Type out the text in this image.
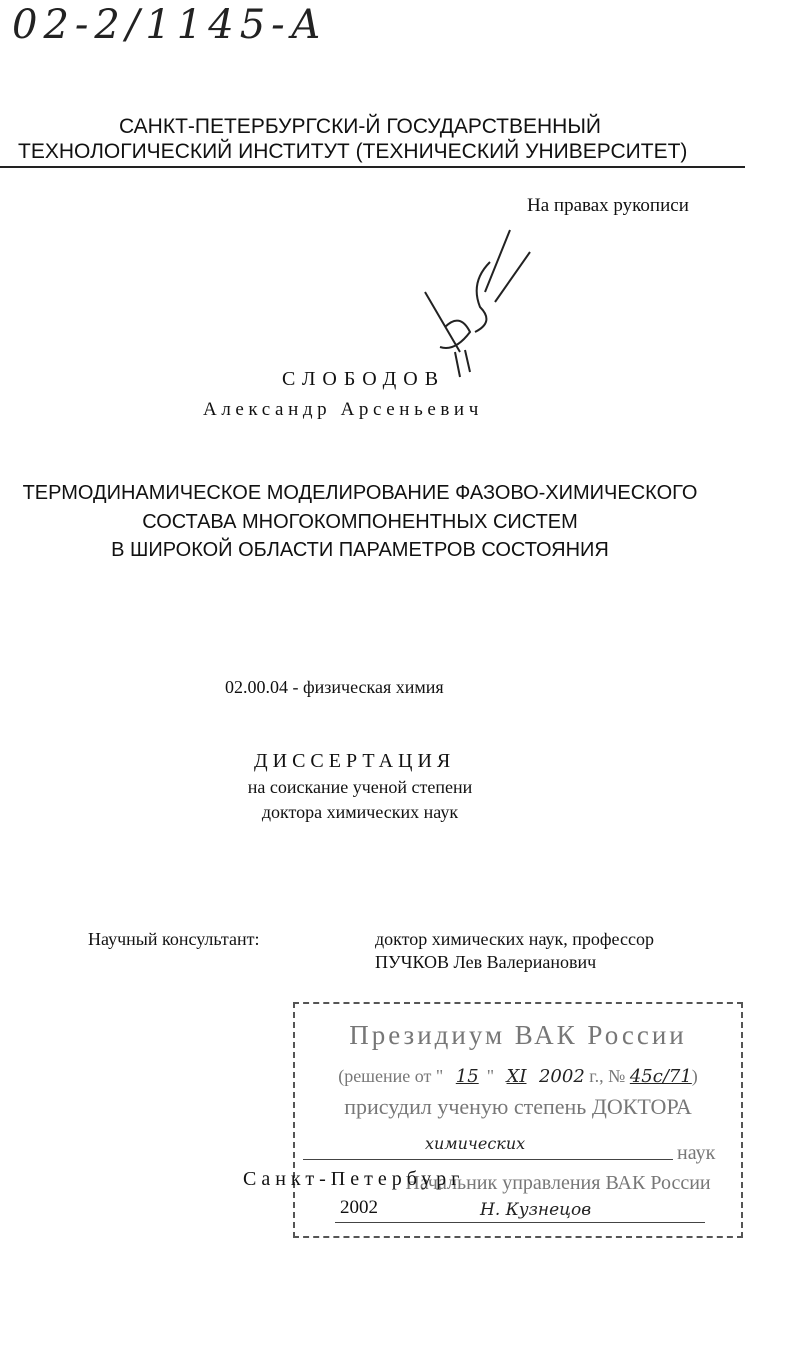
02-2/1145-А
САНКТ-ПЕТЕРБУРГСКИ-Й ГОСУДАРСТВЕННЫЙ
ТЕХНОЛОГИЧЕСКИЙ ИНСТИТУТ (ТЕХНИЧЕСКИЙ УНИВЕРСИТЕТ)
На правах рукописи
СЛОБОДОВ
Александр Арсеньевич
ТЕРМОДИНАМИЧЕСКОЕ МОДЕЛИРОВАНИЕ ФАЗОВО-ХИМИЧЕСКОГО
СОСТАВА МНОГОКОМПОНЕНТНЫХ СИСТЕМ
В ШИРОКОЙ ОБЛАСТИ ПАРАМЕТРОВ СОСТОЯНИЯ
02.00.04 - физическая химия
ДИССЕРТАЦИЯ
на соискание ученой степени
доктора химических наук
Научный консультант:	доктор химических наук, профессор
ПУЧКОВ Лев Валерианович
Президиум ВАК России
(решение от " 15 " XI 2002 г., № 45с/71)
присудил ученую степень ДОКТОРА
химических	наук
Начальник управления ВАК России
Н. Кузнецов
Санкт-Петербург
2002
